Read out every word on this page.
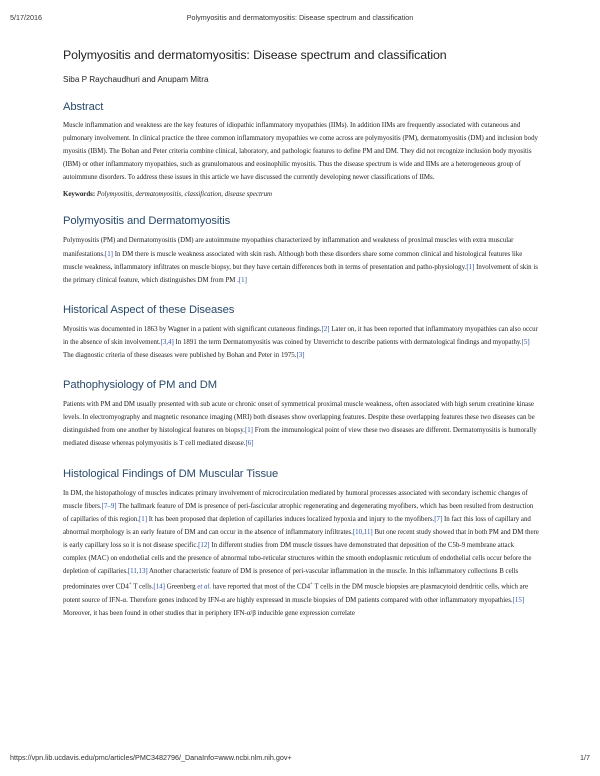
5/17/2016	Polymyositis and dermatomyositis: Disease spectrum and classification
Polymyositis and dermatomyositis: Disease spectrum and classification

Siba P Raychaudhuri and Anupam Mitra

Abstract

Muscle inflammation and weakness are the key features of idiopathic inflammatory myopathies (IIMs). In addition IIMs are frequently associated with cutaneous and pulmonary involvement. In clinical practice the three common inflammatory myopathies we come across are polymyositis (PM), dermatomyositis (DM) and inclusion body myositis (IBM). The Bohan and Peter criteria combine clinical, laboratory, and pathologic features to define PM and DM. They did not recognize inclusion body myositis (IBM) or other inflammatory myopathies, such as granulomatous and eosinophilic myositis. Thus the disease spectrum is wide and IIMs are a heterogeneous group of autoimmune disorders. To address these issues in this article we have discussed the currently developing newer classifications of IIMs.

Keywords: Polymyositis, dermatomyositis, classification, disease spectrum

Polymyositis and Dermatomyositis

Polymyositis (PM) and Dermatomyositis (DM) are autoimmune myopathies characterized by inflammation and weakness of proximal muscles with extra muscular manifestations.[1] In DM there is muscle weakness associated with skin rash. Although both these disorders share some common clinical and histological features like muscle weakness, inflammatory infiltrates on muscle biopsy, but they have certain differences both in terms of presentation and patho-physiology.[1] Involvement of skin is the primary clinical feature, which distinguishes DM from PM .[1]

Historical Aspect of these Diseases

Myositis was documented in 1863 by Wagner in a patient with significant cutaneous findings.[2] Later on, it has been reported that inflammatory myopathies can also occur in the absence of skin involvement.[3,4] In 1891 the term Dermatomyositis was coined by Unverricht to describe patients with dermatological findings and myopathy.[5] The diagnostic criteria of these diseases were published by Bohan and Peter in 1975.[3]

Pathophysiology of PM and DM

Patients with PM and DM usually presented with sub acute or chronic onset of symmetrical proximal muscle weakness, often associated with high serum creatinine kinase levels. In electromyography and magnetic resonance imaging (MRI) both diseases show overlapping features. Despite these overlapping features these two diseases can be distinguished from one another by histological features on biopsy.[1] From the immunological point of view these two diseases are different. Dermatomyositis is humorally mediated disease whereas polymyositis is T cell mediated disease.[6]

Histological Findings of DM Muscular Tissue

In DM, the histopathology of muscles indicates primary involvement of microcirculation mediated by humoral processes associated with secondary ischemic changes of muscle fibers.[7–9] The hallmark feature of DM is presence of peri-fascicular atrophic regenerating and degenerating myofibers, which has been resulted from destruction of capillaries of this region.[1] It has been proposed that depletion of capillaries induces localized hypoxia and injury to the myofibers.[7] In fact this loss of capillary and abnormal morphology is an early feature of DM and can occur in the absence of inflammatory infiltrates.[10,11] But one recent study showed that in both PM and DM there is early capillary loss so it is not disease specific.[12] In different studies from DM muscle tissues have demonstrated that deposition of the C5b-9 membrane attack complex (MAC) on endothelial cells and the presence of abnormal tubo-reticular structures within the smooth endoplasmic reticulum of endothelial cells occur before the depletion of capillaries.[11,13] Another characteristic feature of DM is presence of peri-vascular inflammation in the muscle. In this inflammatory collections B cells predominates over CD4+ T cells.[14] Greenberg et al. have reported that most of the CD4+ T cells in the DM muscle biopsies are plasmacytoid dendritic cells, which are potent source of IFN-α. Therefore genes induced by IFN-α are highly expressed in muscle biopsies of DM patients compared with other inflammatory myopathies.[15] Moreover, it has been found in other studies that in periphery IFN-α/β inducible gene expression correlate

https://vpn.lib.ucdavis.edu/pmc/articles/PMC3482796/_DanaInfo=www.ncbi.nlm.nih.gov+	1/7
